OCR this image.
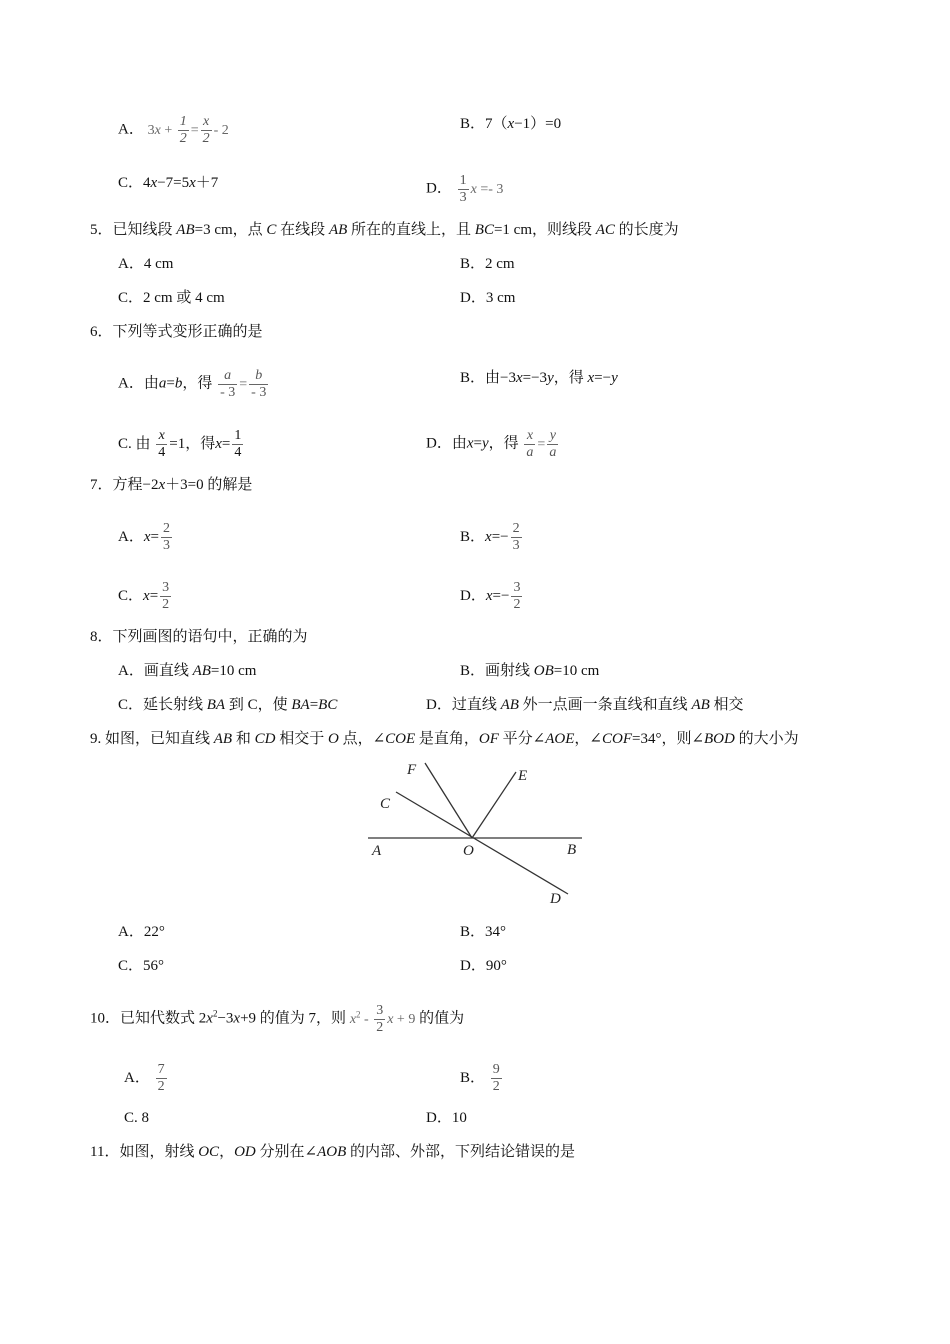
A． $3x + \frac{1}{2} = \frac{x}{2} - 2$	B．7（x−1）=0
C．4x−7=5x＋7	D． $\frac{1}{3}$ x =- 3
5．已知线段 AB=3 cm，点 C 在线段 AB 所在的直线上，且 BC=1 cm，则线段 AC 的长度为
A．4 cm	B．2 cm
C．2 cm 或 4 cm	D．3 cm
6．下列等式变形正确的是
A．由a=b，得 $\frac{a}{- 3} = \frac{b}{- 3}$	B．由−3x=−3y，得 x=−y
C. 由 $\frac{x}{4} =1$，得$x= \frac{1}{4}$	D．由x=y，得 $\frac{x}{a} = \frac{y}{a}$
7．方程−2x＋3=0 的解是
A．$x= \frac{2}{3}$	B．$x=- \frac{2}{3}$
C．$x= \frac{3}{2}$	D．$x=- \frac{3}{2}$
8．下列画图的语句中，正确的为
A．画直线 AB=10 cm	B．画射线 OB=10 cm
C．延长射线 BA 到 C，使 BA=BC	D．过直线 AB 外一点画一条直线和直线 AB 相交
9. 如图，已知直线 AB 和 CD 相交于 O 点，∠COE 是直角，OF 平分∠AOE，∠COF=34°，则∠BOD 的大小为
F	E
C
A	O	B
D
A．22°	B．34°
C．56°	D．90°
10．已知代数式 $2x^2-3x+9$ 的值为 7，则 $x^2 - \frac{3}{2}$ x + 9 的值为
A． $\frac{7}{2}$	B． $\frac{9}{2}$
C. 8	D．10
11．如图，射线 OC，OD 分别在∠AOB 的内部、外部，下列结论错误的是
